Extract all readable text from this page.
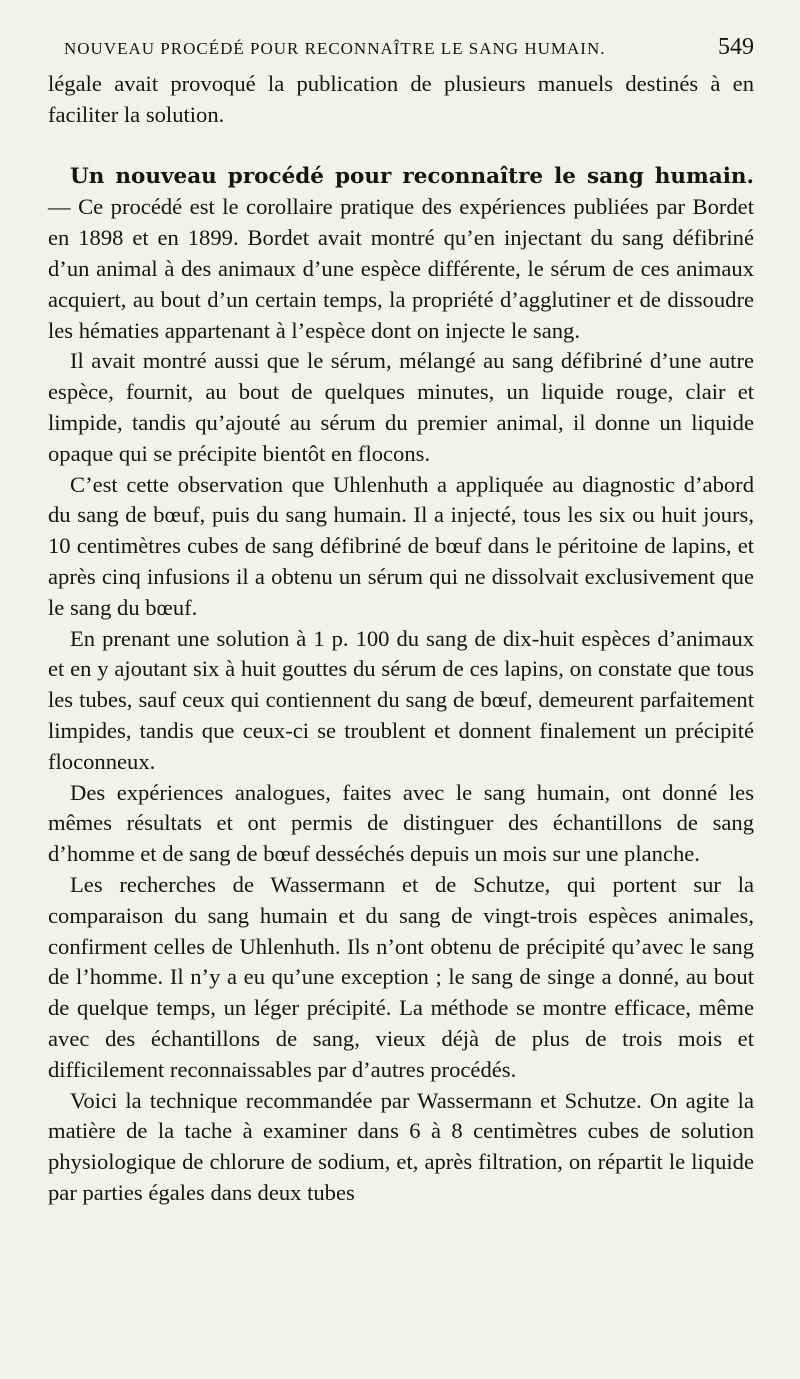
NOUVEAU PROCÉDÉ POUR RECONNAÎTRE LE SANG HUMAIN.	549

légale avait provoqué la publication de plusieurs manuels destinés à en faciliter la solution.

Un nouveau procédé pour reconnaître le sang humain. — Ce procédé est le corollaire pratique des expériences publiées par Bordet en 1898 et en 1899. Bordet avait montré qu’en injectant du sang défibriné d’un animal à des animaux d’une espèce différente, le sérum de ces animaux acquiert, au bout d’un certain temps, la propriété d’agglutiner et de dissoudre les hématies appartenant à l’espèce dont on injecte le sang.

Il avait montré aussi que le sérum, mélangé au sang défibriné d’une autre espèce, fournit, au bout de quelques minutes, un liquide rouge, clair et limpide, tandis qu’ajouté au sérum du premier animal, il donne un liquide opaque qui se précipite bientôt en flocons.

C’est cette observation que Uhlenhuth a appliquée au diagnostic d’abord du sang de bœuf, puis du sang humain. Il a injecté, tous les six ou huit jours, 10 centimètres cubes de sang défibriné de bœuf dans le péritoine de lapins, et après cinq infusions il a obtenu un sérum qui ne dissolvait exclusivement que le sang du bœuf.

En prenant une solution à 1 p. 100 du sang de dix-huit espèces d’animaux et en y ajoutant six à huit gouttes du sérum de ces lapins, on constate que tous les tubes, sauf ceux qui contiennent du sang de bœuf, demeurent parfaitement limpides, tandis que ceux-ci se troublent et donnent finalement un précipité floconneux.

Des expériences analogues, faites avec le sang humain, ont donné les mêmes résultats et ont permis de distinguer des échantillons de sang d’homme et de sang de bœuf desséchés depuis un mois sur une planche.

Les recherches de Wassermann et de Schutze, qui portent sur la comparaison du sang humain et du sang de vingt-trois espèces animales, confirment celles de Uhlenhuth. Ils n’ont obtenu de précipité qu’avec le sang de l’homme. Il n’y a eu qu’une exception ; le sang de singe a donné, au bout de quelque temps, un léger précipité. La méthode se montre efficace, même avec des échantillons de sang, vieux déjà de plus de trois mois et difficilement reconnaissables par d’autres procédés.

Voici la technique recommandée par Wassermann et Schutze. On agite la matière de la tache à examiner dans 6 à 8 centimètres cubes de solution physiologique de chlorure de sodium, et, après filtration, on répartit le liquide par parties égales dans deux tubes
